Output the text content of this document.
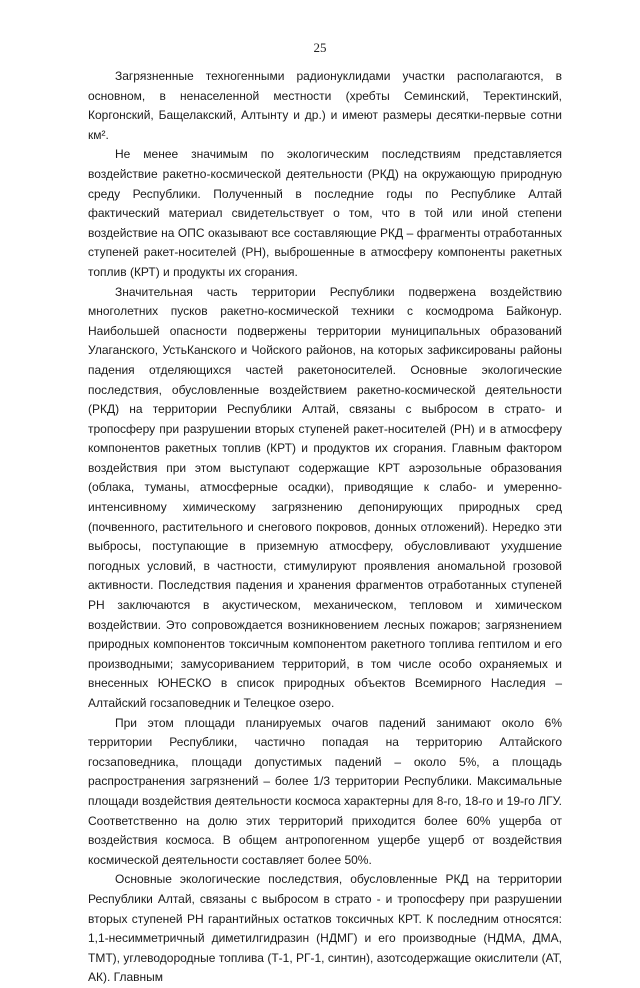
25

Загрязненные техногенными радионуклидами участки располагаются, в основном, в ненаселенной местности (хребты Семинский, Теректинский, Коргонский, Бащелакский, Алтынту и др.) и имеют размеры десятки-первые сотни км².

Не менее значимым по экологическим последствиям представляется воздействие ракетно-космической деятельности (РКД) на окружающую природную среду Республики. Полученный в последние годы по Республике Алтай фактический материал свидетельствует о том, что в той или иной степени воздействие на ОПС оказывают все составляющие РКД – фрагменты отработанных ступеней ракет-носителей (РН), выброшенные в атмосферу компоненты ракетных топлив (КРТ) и продукты их сгорания.

Значительная часть территории Республики подвержена воздействию многолетних пусков ракетно-космической техники с космодрома Байконур. Наибольшей опасности подвержены территории муниципальных образований Улаганского, УстьКанского и Чойского районов, на которых зафиксированы районы падения отделяющихся частей ракетоносителей. Основные экологические последствия, обусловленные воздействием ракетно-космической деятельности (РКД) на территории Республики Алтай, связаны с выбросом в страто- и тропосферу при разрушении вторых ступеней ракет-носителей (РН) и в атмосферу компонентов ракетных топлив (КРТ) и продуктов их сгорания. Главным фактором воздействия при этом выступают содержащие КРТ аэрозольные образования (облака, туманы, атмосферные осадки), приводящие к слабо- и умеренно-интенсивному химическому загрязнению депонирующих природных сред (почвенного, растительного и снегового покровов, донных отложений). Нередко эти выбросы, поступающие в приземную атмосферу, обусловливают ухудшение погодных условий, в частности, стимулируют проявления аномальной грозовой активности. Последствия падения и хранения фрагментов отработанных ступеней РН заключаются в акустическом, механическом, тепловом и химическом воздействии. Это сопровождается возникновением лесных пожаров; загрязнением природных компонентов токсичным компонентом ракетного топлива гептилом и его производными; замусориванием территорий, в том числе особо охраняемых и внесенных ЮНЕСКО в список природных объектов Всемирного Наследия – Алтайский госзаповедник и Телецкое озеро.

При этом площади планируемых очагов падений занимают около 6% территории Республики, частично попадая на территорию Алтайского госзаповедника, площади допустимых падений – около 5%, а площадь распространения загрязнений – более 1/3 территории Республики. Максимальные площади воздействия деятельности космоса характерны для 8-го, 18-го и 19-го ЛГУ. Соответственно на долю этих территорий приходится более 60% ущерба от воздействия космоса. В общем антропогенном ущербе ущерб от воздействия космической деятельности составляет более 50%.

Основные экологические последствия, обусловленные РКД на территории Республики Алтай, связаны с выбросом в страто - и тропосферу при разрушении вторых ступеней РН гарантийных остатков токсичных КРТ. К последним относятся: 1,1-несимметричный диметилгидразин (НДМГ) и его производные (НДМА, ДМА, ТМТ), углеводородные топлива (Т-1, РГ-1, синтин), азотсодержащие окислители (АТ, АК). Главным
